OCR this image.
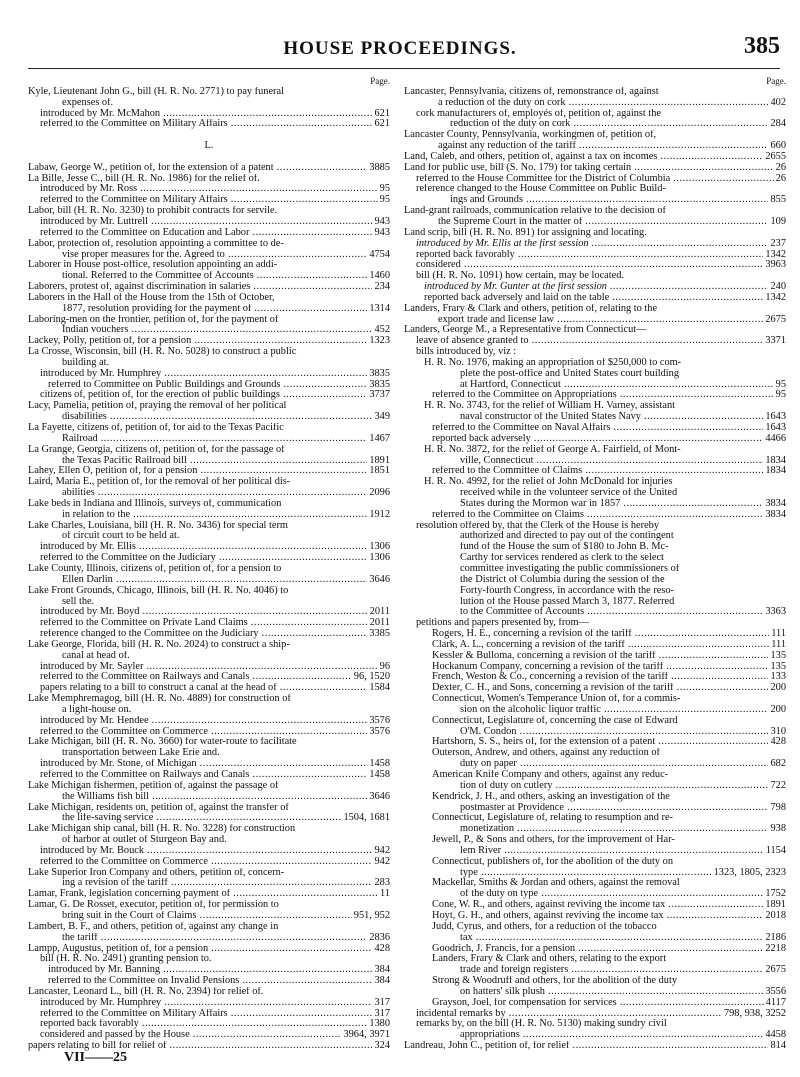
HOUSE PROCEEDINGS.	385
Page.
Kyle, Lieutenant John G., bill (H. R. No. 2771) to pay funeral
expenses of.
introduced by Mr. McMahon .....	621
referred to the Committee on Military Affairs .....	621
L.
Labaw, George W., petition of, for the extension of a patent .....	3885
La Bille, Jesse C., bill (H. R. No. 1986) for the relief of.
introduced by Mr. Ross .....	95
referred to the Committee on Military Affairs .....	95
Labor, bill (H. R. No. 3230) to prohibit contracts for servile.
introduced by Mr. Luttrell .....	943
referred to the Committee on Education and Labor .....	943
Labor, protection of, resolution appointing a committee to de-
vise proper measures for the. Agreed to .....	4754
Laborer in House post-office, resolution appointing an addi-
tional. Referred to the Committee of Accounts .....	1460
Laborers, protest of, against discrimination in salaries .....	234
Laborers in the Hall of the House from the 15th of October,
1877, resolution providing for the payment of .....	1314
Laboring-men on the frontier, petition of, for the payment of
Indian vouchers .....	452
Lackey, Polly, petition of, for a pension .....	1323
La Crosse, Wisconsin, bill (H. R. No. 5028) to construct a public
building at.
introduced by Mr. Humphrey .....	3835
referred to Committee on Public Buildings and Grounds .....	3835
citizens of, petition of, for the erection of public buildings .....	3737
Lacy, Pamelia, petition of, praying the removal of her political
disabilities .....	349
La Fayette, citizens of, petition of, for aid to the Texas Pacific
Railroad .....	1467
La Grange, Georgia, citizens of, petition of, for the passage of
the Texas Pacific Railroad bill .....	1891
Lahey, Ellen O, petition of, for a pension .....	1851
Laird, Maria E., petition of, for the removal of her political dis-
abilities .....	2096
Lake beds in Indiana and Illinois, surveys of, communication
in relation to the .....	1912
Lake Charles, Louisiana, bill (H. R. No. 3436) for special term
of circuit court to be held at.
introduced by Mr. Ellis .....	1306
referred to the Committee on the Judiciary .....	1306
Lake County, Illinois, citizens of, petition of, for a pension to
Ellen Darlin .....	3646
Lake Front Grounds, Chicago, Illinois, bill (H. R. No. 4046) to
sell the.
introduced by Mr. Boyd .....	2011
referred to the Committee on Private Land Claims .....	2011
reference changed to the Committee on the Judiciary .....	3385
Lake George, Florida, bill (H. R. No. 2024) to construct a ship-
canal at head of.
introduced by Mr. Sayler .....	96
referred to the Committee on Railways and Canals .....	96, 1520
papers relating to a bill to construct a canal at the head of .....	1584
Lake Memphremagog, bill (H. R. No. 4889) for construction of
a light-house on.
introduced by Mr. Hendee .....	3576
referred to the Committee on Commerce .....	3576
Lake Michigan, bill (H. R. No. 3660) for water-route to facilitate
transportation between Lake Erie and.
introduced by Mr. Stone, of Michigan .....	1458
referred to the Committee on Railways and Canals .....	1458
Lake Michigan fishermen, petition of, against the passage of
the Williams fish bill .....	3646
Lake Michigan, residents on, petition of, against the transfer of
the life-saving service .....	1504, 1681
Lake Michigan ship canal, bill (H. R. No. 3228) for construction
of harbor at outlet of Sturgeon Bay and.
introduced by Mr. Bouck .....	942
referred to the Committee on Commerce .....	942
Lake Superior Iron Company and others, petition of, concern-
ing a revision of the tariff .....	283
Lamar, Frank, legislation concerning payment of .....	11
Lamar, G. De Rosset, executor, petition of, for permission to
bring suit in the Court of Claims .....	951, 952
Lambert, B. F., and others, petition of, against any change in
the tariff .....	2836
Lampp, Augustus, petition of, for a pension .....	428
bill (H. R. No. 2491) granting pension to.
introduced by Mr. Banning .....	384
referred to the Committee on Invalid Pensions .....	384
Lancaster, Leonard L., bill (H. R. No. 2394) for relief of.
introduced by Mr. Humphrey .....	317
referred to the Committee on Military Affairs .....	317
reported back favorably .....	1380
considered and passed by the House .....	3964, 3971
papers relating to bill for relief of .....	324
Page.
Lancaster, Pennsylvania, citizens of, remonstrance of, against
a reduction of the duty on cork .....	402
cork manufacturers of, employés of, petition of, against the
reduction of the duty on cork .....	284
Lancaster County, Pennsylvania, workingmen of, petition of,
against any reduction of the tariff .....	660
Land, Caleb, and others, petition of, against a tax on incomes .....	2655
Land for public use, bill (S. No. 179) for taking certain .....	26
referred to the House Committee for the District of Columbia .....	26
reference changed to the House Committee on Public Build-
ings and Grounds .....	855
Land-grant railroads, communication relative to the decision of
the Supreme Court in the matter of .....	109
Land scrip, bill (H. R. No. 891) for assigning and locating.
introduced by Mr. Ellis at the first session .....	237
reported back favorably .....	1342
considered .....	3963
bill (H. R. No. 1091) how certain, may be located.
introduced by Mr. Gunter at the first session .....	240
reported back adversely and laid on the table .....	1342
Landers, Frary & Clark and others, petition of, relating to the
export trade and license law .....	2675
Landers, George M., a Representative from Connecticut—
leave of absence granted to .....	3371
bills introduced by, viz :
H. R. No. 1976, making an appropriation of $250,000 to com-
plete the post-office and United States court building
at Hartford, Connecticut .....	95
referred to the Committee on Appropriations .....	95
H. R. No. 3743, for the relief of William H. Varney, assistant
naval constructor of the United States Navy .....	1643
referred to the Committee on Naval Affairs .....	1643
reported back adversely .....	4466
H. R. No. 3872, for the relief of George A. Fairfield, of Mont-
ville, Connecticut .....	1834
referred to the Committee of Claims .....	1834
H. R. No. 4992, for the relief of John McDonald for injuries
received while in the volunteer service of the United
States during the Mormon war in 1857 .....	3834
referred to the Committee on Claims .....	3834
resolution offered by, that the Clerk of the House is hereby
authorized and directed to pay out of the contingent
fund of the House the sum of $180 to John B. Mc-
Carthy for services rendered as clerk to the select
committee investigating the public commissioners of
the District of Columbia during the session of the
Forty-fourth Congress, in accordance with the reso-
lution of the House passed March 3, 1877. Referred
to the Committee of Accounts .....	3363
petitions and papers presented by, from—
Rogers, H. E., concerning a revision of the tariff .....	111
Clark, A. L., concerning a revision of the tariff .....	111
Kessler & Bulloma, concerning a revision of the tariff .....	135
Hockanum Company, concerning a revision of the tariff .....	135
French, Weston & Co., concerning a revision of the tariff .....	133
Dexter, C. H., and Sons, concerning a revision of the tariff .....	200
Connecticut, Women's Temperance Union of, for a commis-
sion on the alcoholic liquor traffic .....	200
Connecticut, Legislature of, concerning the case of Edward
O'M. Condon .....	310
Hartshorn, S. S., heirs of, for the extension of a patent .....	428
Outerson, Andrew, and others, against any reduction of
duty on paper .....	682
American Knife Company and others, against any reduc-
tion of duty on cutlery .....	722
Kendrick, J. H., and others, asking an investigation of the
postmaster at Providence .....	798
Connecticut, Legislature of, relating to resumption and re-
monetization .....	938
Jewell, P., & Sons and others, for the improvement of Har-
lem River .....	1154
Connecticut, publishers of, for the abolition of the duty on
type .....	1323, 1805, 2323
Mackellar, Smiths & Jordan and others, against the removal
of the duty on type .....	1752
Cone, W. R., and others, against reviving the income tax .....	1891
Hoyt, G. H., and others, against reviving the income tax .....	2018
Judd, Cyrus, and others, for a reduction of the tobacco
tax .....	2186
Goodrich, J. Francis, for a pension .....	2218
Landers, Frary & Clark and others, relating to the export
trade and foreign registers .....	2675
Strong & Woodruff and others, for the abolition of the duty
on hatters' silk plush .....	3556
Grayson, Joel, for compensation for services .....	4117
incidental remarks by .....	798, 938, 3252
remarks by, on the bill (H. R. No. 5130) making sundry civil
appropriations .....	4458
Landreau, John C., petition of, for relief .....	814
VII——25
